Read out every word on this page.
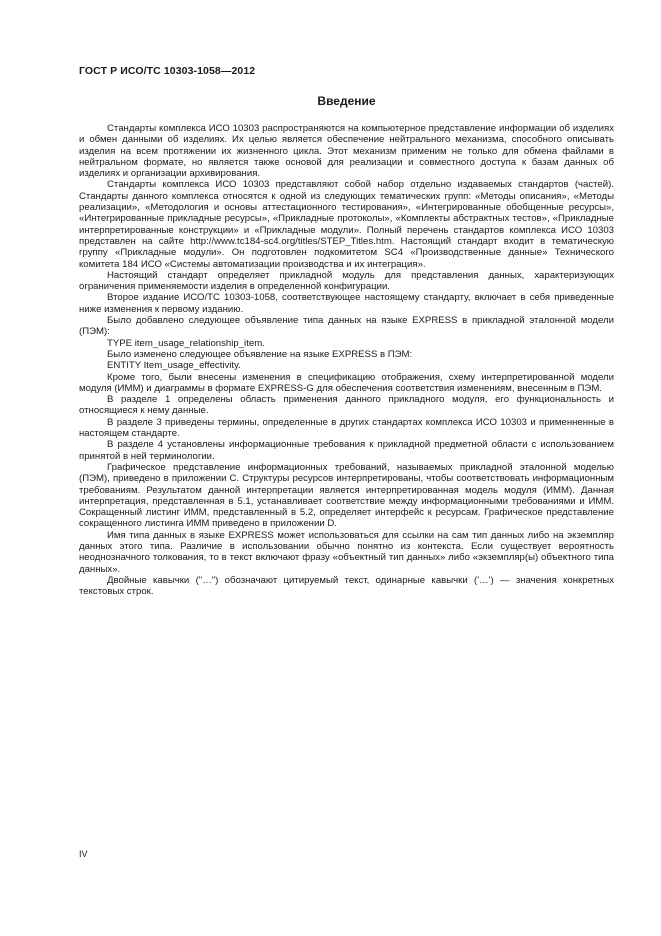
ГОСТ Р ИСО/ТС 10303-1058—2012
Введение

Стандарты комплекса ИСО 10303 распространяются на компьютерное представление информации об изделиях и обмен данными об изделиях. Их целью является обеспечение нейтрального механизма, способного описывать изделия на всем протяжении их жизненного цикла. Этот механизм применим не только для обмена файлами в нейтральном формате, но является также основой для реализации и совместного доступа к базам данных об изделиях и организации архивирования.

Стандарты комплекса ИСО 10303 представляют собой набор отдельно издаваемых стандартов (частей). Стандарты данного комплекса относятся к одной из следующих тематических групп: «Методы описания», «Методы реализации», «Методология и основы аттестационного тестирования», «Интегрированные обобщенные ресурсы», «Интегрированные прикладные ресурсы», «Прикладные протоколы», «Комплекты абстрактных тестов», «Прикладные интерпретированные конструкции» и «Прикладные модули». Полный перечень стандартов комплекса ИСО 10303 представлен на сайте http://www.tc184-sc4.org/titles/STEP_Titles.htm. Настоящий стандарт входит в тематическую группу «Прикладные модули». Он подготовлен подкомитетом SC4 «Производственные данные» Технического комитета 184 ИСО «Системы автоматизации производства и их интеграция».

Настоящий стандарт определяет прикладной модуль для представления данных, характеризующих ограничения применяемости изделия в определенной конфигурации.

Второе издание ИСО/ТС 10303-1058, соответствующее настоящему стандарту, включает в себя приведенные ниже изменения к первому изданию.

Было добавлено следующее объявление типа данных на языке EXPRESS в прикладной эталонной модели (ПЭМ):

TYPE item_usage_relationship_item.

Было изменено следующее объявление на языке EXPRESS в ПЭМ:

ENTITY Item_usage_effectivity.

Кроме того, были внесены изменения в спецификацию отображения, схему интерпретированной модели модуля (ИММ) и диаграммы в формате EXPRESS-G для обеспечения соответствия изменениям, внесенным в ПЭМ.

В разделе 1 определены область применения данного прикладного модуля, его функциональность и относящиеся к нему данные.

В разделе 3 приведены термины, определенные в других стандартах комплекса ИСО 10303 и применненные в настоящем стандарте.

В разделе 4 установлены информационные требования к прикладной предметной области с использованием принятой в ней терминологии.

Графическое представление информационных требований, называемых прикладной эталонной моделью (ПЭМ), приведено в приложении С. Структуры ресурсов интерпретированы, чтобы соответствовать информационным требованиям. Результатом данной интерпретации является интерпретированная модель модуля (ИММ). Данная интерпретация, представленная в 5.1, устанавливает соответствие между информационными требованиями и ИММ. Сокращенный листинг ИММ, представленный в 5.2, определяет интерфейс к ресурсам. Графическое представление сокращенного листинга ИММ приведено в приложении D.

Имя типа данных в языке EXPRESS может использоваться для ссылки на сам тип данных либо на экземпляр данных этого типа. Различие в использовании обычно понятно из контекста. Если существует вероятность неоднозначного толкования, то в текст включают фразу «объектный тип данных» либо «экземпляр(ы) объектного типа данных».

Двойные кавычки ("…") обозначают цитируемый текст, одинарные кавычки ('…') — значения конкретных текстовых строк.

IV
